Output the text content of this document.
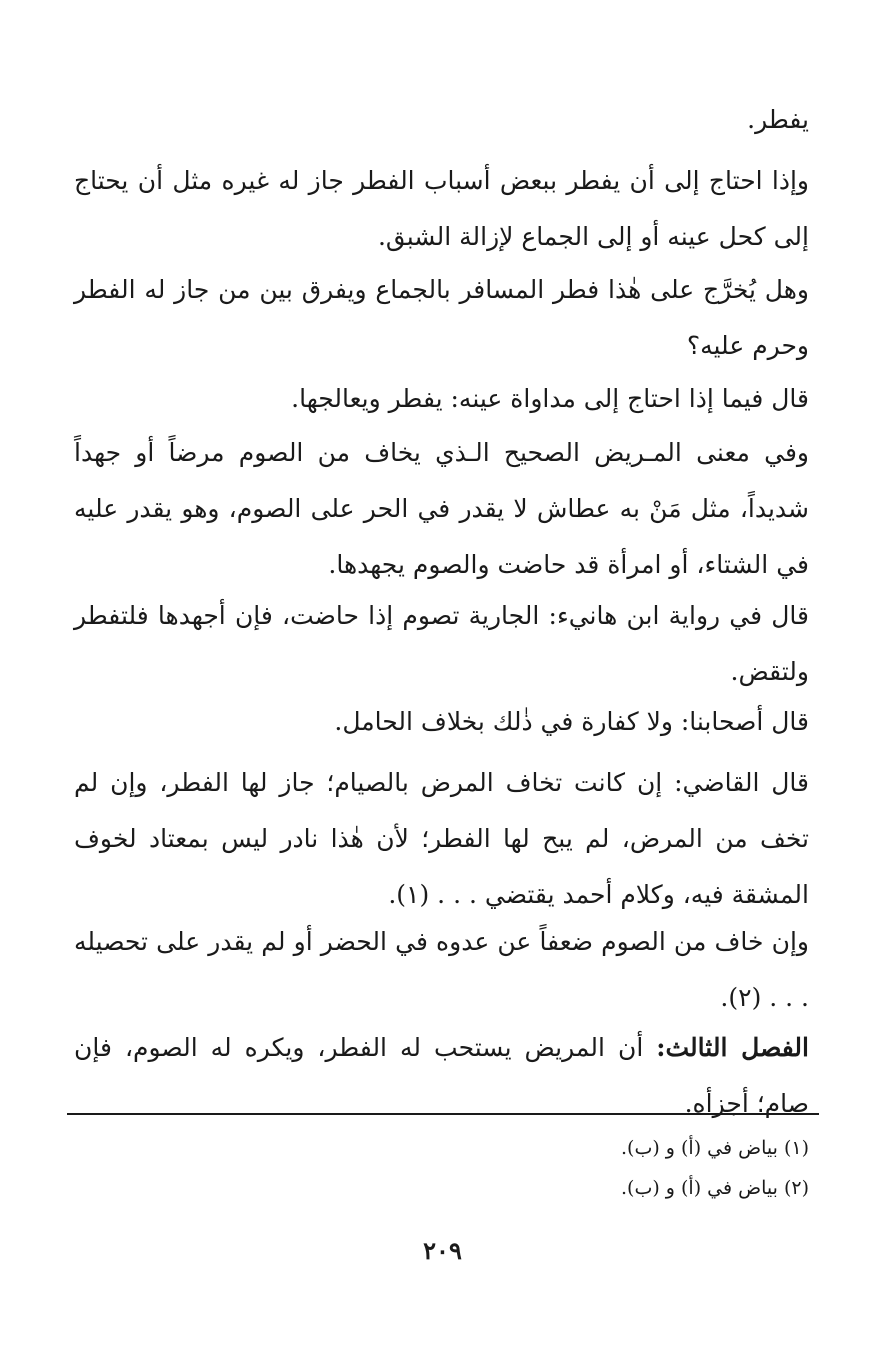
يفطر.

وإذا احتاج إلى أن يفطر ببعض أسباب الفطر جاز له غيره مثل أن يحتاج إلى كحل عينه أو إلى الجماع لإزالة الشبق.

وهل يُخرَّج على هٰذا فطر المسافر بالجماع ويفرق بين من جاز له الفطر وحرم عليه؟

قال فيما إذا احتاج إلى مداواة عينه: يفطر ويعالجها.

وفي معنى المـريض الصحيح الـذي يخاف من الصوم مرضاً أو جهداً شديداً، مثل مَنْ به عطاش لا يقدر في الحر على الصوم، وهو يقدر عليه في الشتاء، أو امرأة قد حاضت والصوم يجهدها.

قال في رواية ابن هانيء: الجارية تصوم إذا حاضت، فإن أجهدها فلتفطر ولتقض.

قال أصحابنا: ولا كفارة في ذٰلك بخلاف الحامل.

قال القاضي: إن كانت تخاف المرض بالصيام؛ جاز لها الفطر، وإن لم تخف من المرض، لم يبح لها الفطر؛ لأن هٰذا نادر ليس بمعتاد لخوف المشقة فيه، وكلام أحمد يقتضي . . . (١).

وإن خاف من الصوم ضعفاً عن عدوه في الحضر أو لم يقدر على تحصيله . . . (٢).

الفصل الثالث: أن المريض يستحب له الفطر، ويكره له الصوم، فإن صام؛ أجزأه.

(١) بياض في (أ) و (ب).

(٢) بياض في (أ) و (ب).

٢٠٩
